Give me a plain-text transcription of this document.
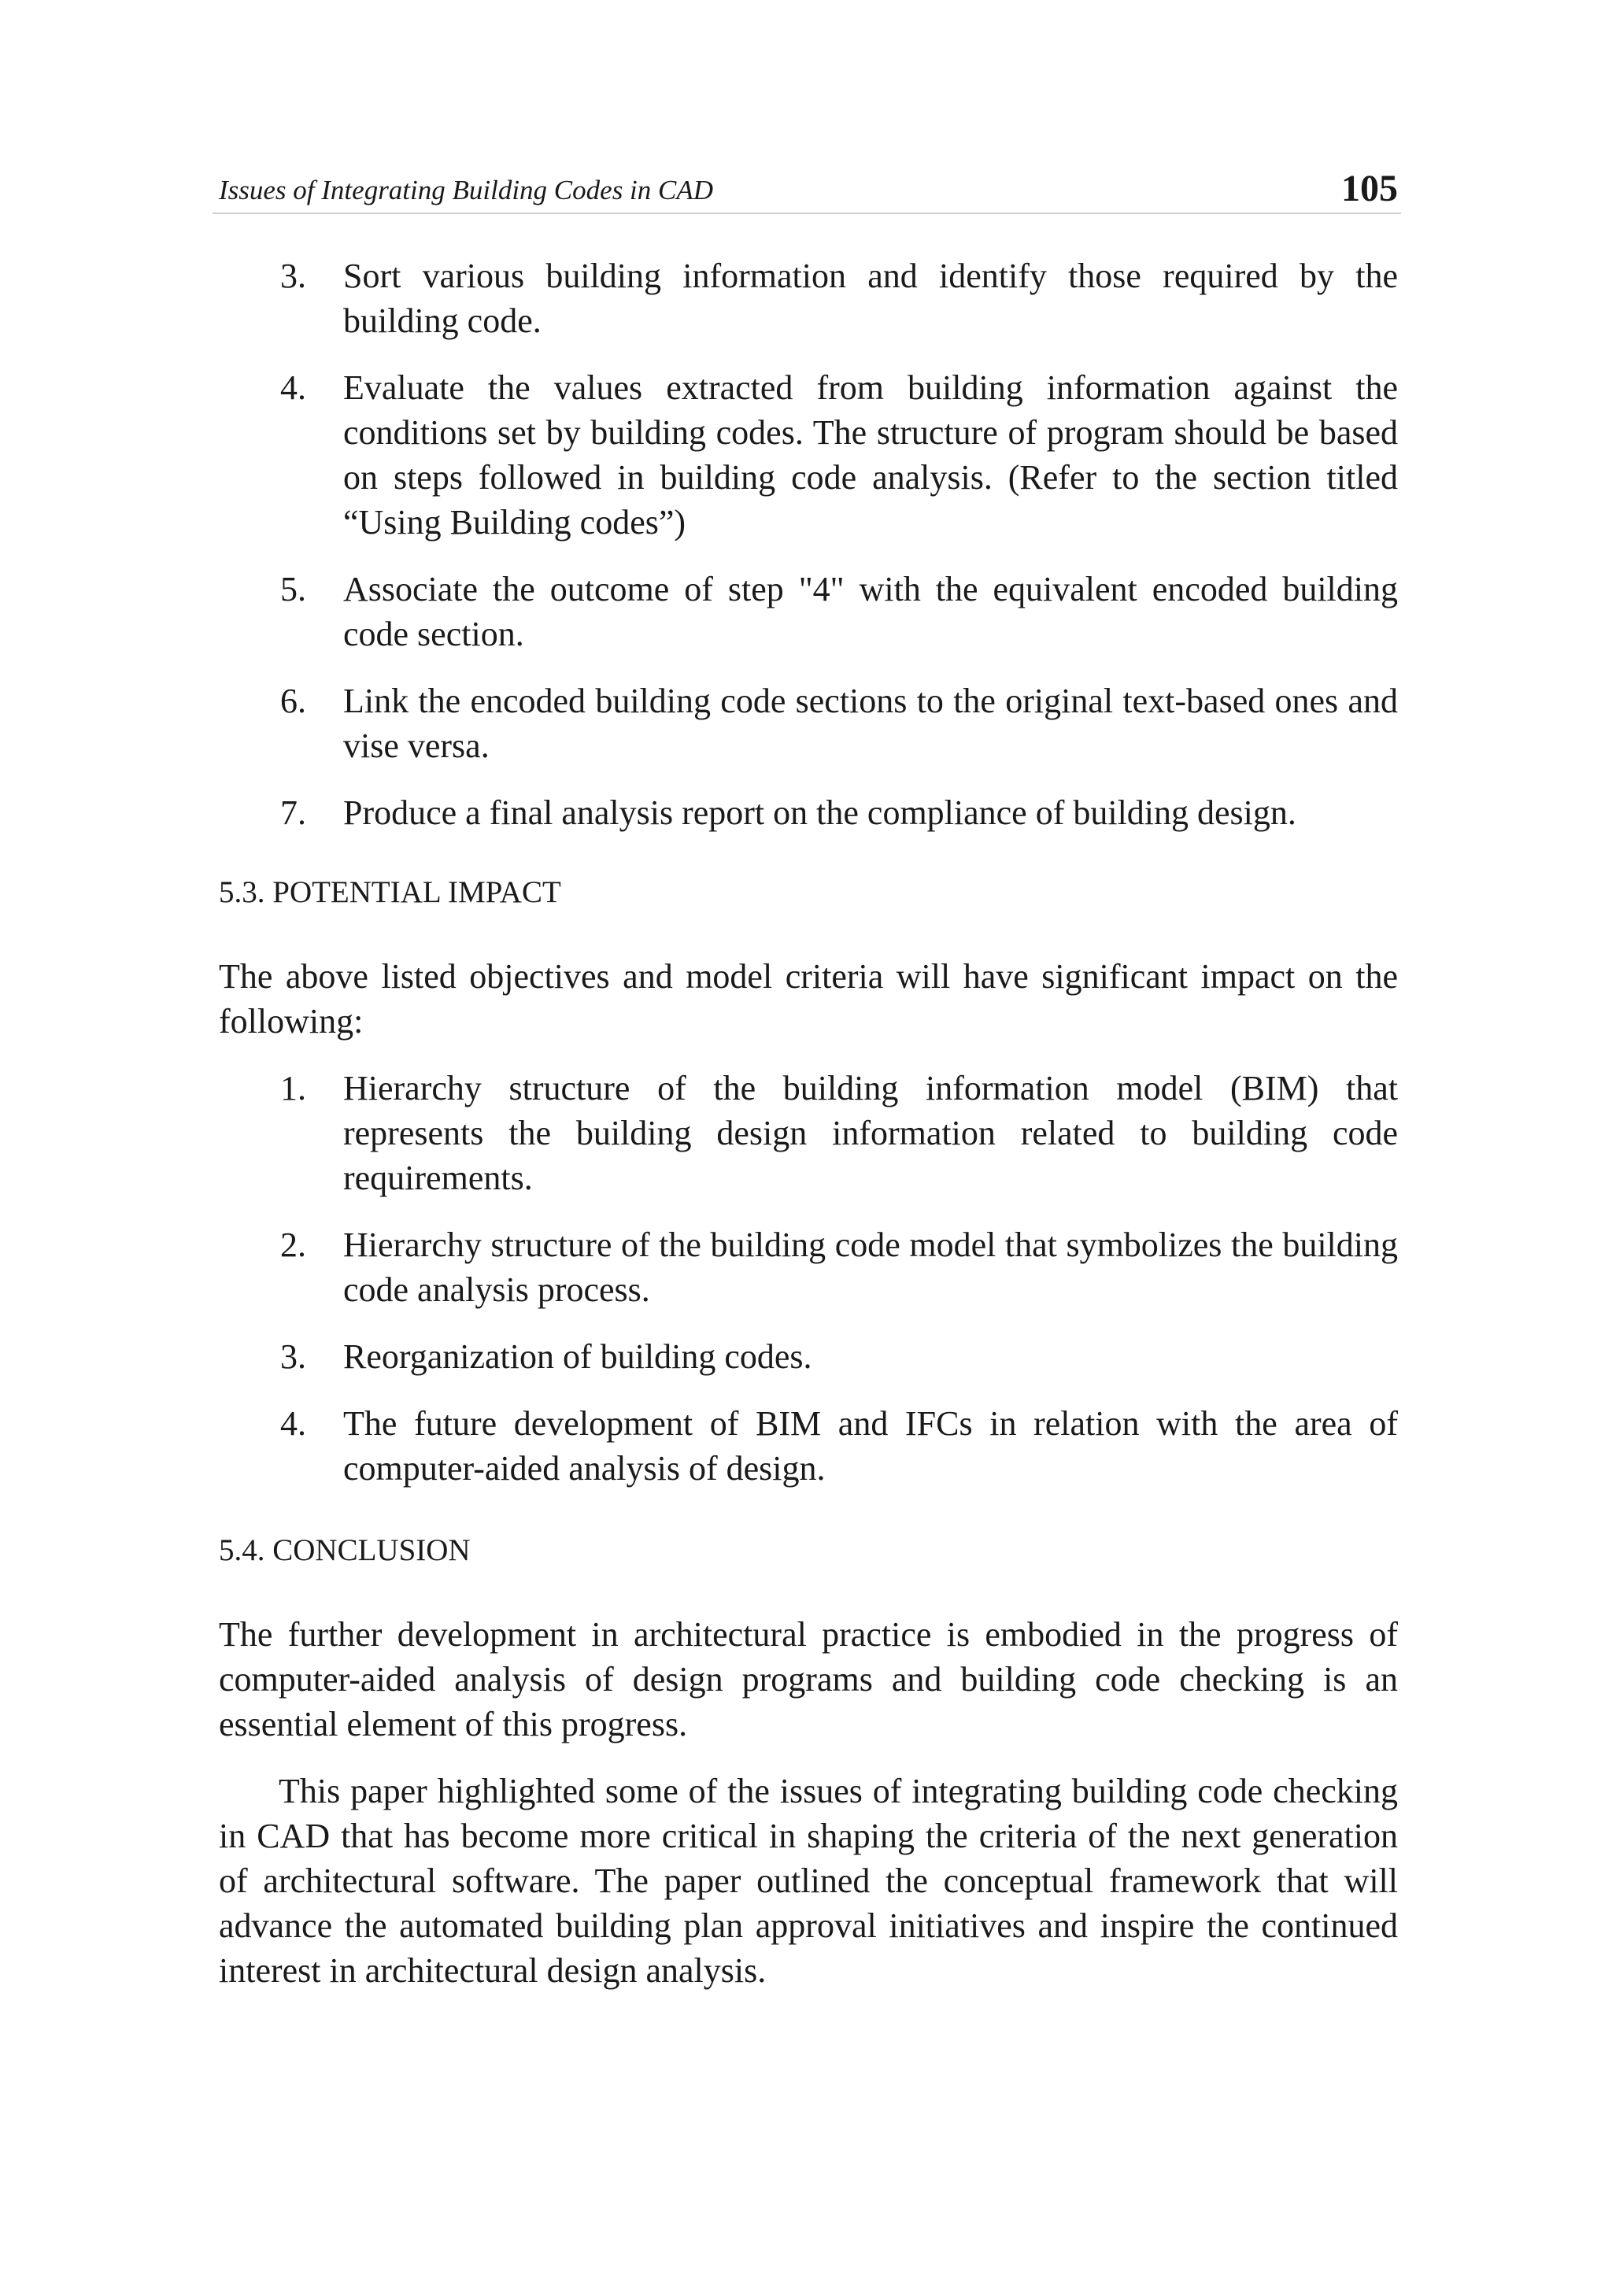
Issues of Integrating Building Codes in CAD	105
3.	Sort various building information and identify those required by the building code.
4.	Evaluate the values extracted from building information against the conditions set by building codes. The structure of program should be based on steps followed in building code analysis. (Refer to the section titled “Using Building codes”)
5.	Associate the outcome of step "4" with the equivalent encoded building code section.
6.	Link the encoded building code sections to the original text-based ones and vise versa.
7.	Produce a final analysis report on the compliance of building design.
5.3. POTENTIAL IMPACT

The above listed objectives and model criteria will have significant impact on the following:

1.	Hierarchy structure of the building information model (BIM) that represents the building design information related to building code requirements.
2.	Hierarchy structure of the building code model that symbolizes the building code analysis process.
3.	Reorganization of building codes.
4.	The future development of BIM and IFCs in relation with the area of computer-aided analysis of design.
5.4. CONCLUSION

The further development in architectural practice is embodied in the progress of computer-aided analysis of design programs and building code checking is an essential element of this progress.

This paper highlighted some of the issues of integrating building code checking in CAD that has become more critical in shaping the criteria of the next generation of architectural software. The paper outlined the conceptual framework that will advance the automated building plan approval initiatives and inspire the continued interest in architectural design analysis.
